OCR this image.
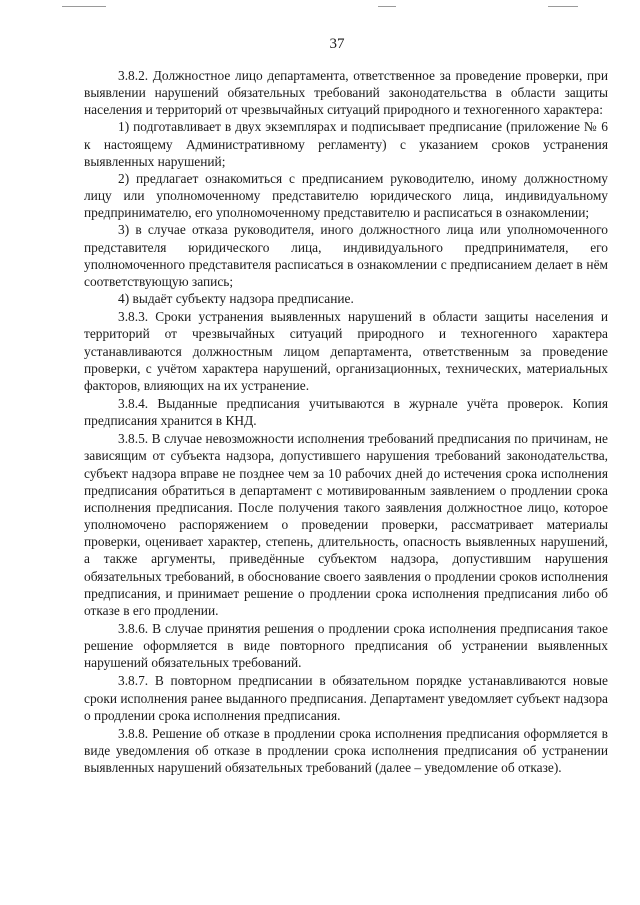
37

3.8.2. Должностное лицо департамента, ответственное за проведение проверки, при выявлении нарушений обязательных требований законодательства в области защиты населения и территорий от чрезвычайных ситуаций природного и техногенного характера:

1) подготавливает в двух экземплярах и подписывает предписание (приложение № 6 к настоящему Административному регламенту) с указанием сроков устранения выявленных нарушений;

2) предлагает ознакомиться с предписанием руководителю, иному должностному лицу или уполномоченному представителю юридического лица, индивидуальному предпринимателю, его уполномоченному представителю и расписаться в ознакомлении;

3) в случае отказа руководителя, иного должностного лица или уполномоченного представителя юридического лица, индивидуального предпринимателя, его уполномоченного представителя расписаться в ознакомлении с предписанием делает в нём соответствующую запись;

4) выдаёт субъекту надзора предписание.

3.8.3. Сроки устранения выявленных нарушений в области защиты населения и территорий от чрезвычайных ситуаций природного и техногенного характера устанавливаются должностным лицом департамента, ответственным за проведение проверки, с учётом характера нарушений, организационных, технических, материальных факторов, влияющих на их устранение.

3.8.4. Выданные предписания учитываются в журнале учёта проверок. Копия предписания хранится в КНД.

3.8.5. В случае невозможности исполнения требований предписания по причинам, не зависящим от субъекта надзора, допустившего нарушения требований законодательства, субъект надзора вправе не позднее чем за 10 рабочих дней до истечения срока исполнения предписания обратиться в департамент с мотивированным заявлением о продлении срока исполнения предписания. После получения такого заявления должностное лицо, которое уполномочено распоряжением о проведении проверки, рассматривает материалы проверки, оценивает характер, степень, длительность, опасность выявленных нарушений, а также аргументы, приведённые субъектом надзора, допустившим нарушения обязательных требований, в обоснование своего заявления о продлении сроков исполнения предписания, и принимает решение о продлении срока исполнения предписания либо об отказе в его продлении.

3.8.6. В случае принятия решения о продлении срока исполнения предписания такое решение оформляется в виде повторного предписания об устранении выявленных нарушений обязательных требований.

3.8.7. В повторном предписании в обязательном порядке устанавливаются новые сроки исполнения ранее выданного предписания. Департамент уведомляет субъект надзора о продлении срока исполнения предписания.

3.8.8. Решение об отказе в продлении срока исполнения предписания оформляется в виде уведомления об отказе в продлении срока исполнения предписания об устранении выявленных нарушений обязательных требований (далее – уведомление об отказе).
